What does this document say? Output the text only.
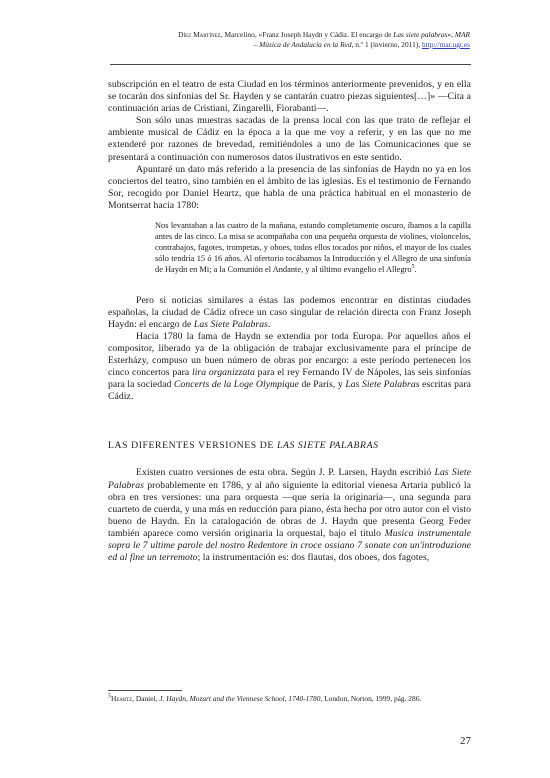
Díez Martínez, Marcelino, «Franz Joseph Haydn y Cádiz. El encargo de Las siete palabras», MAR
– Música de Andalucía en la Red, n.º 1 (invierno, 2011), http://mar.ugr.es

subscripción en el teatro de esta Ciudad en los términos anteriormente prevenidos, y en ella se tocarán dos sinfonías del Sr. Hayden y se cantarán cuatro piezas siguientes[…]» —Cita a continuación arias de Cristiani, Zingarelli, Fiorabanti—.

Son sólo unas muestras sacadas de la prensa local con las que trato de reflejar el ambiente musical de Cádiz en la época a la que me voy a referir, y en las que no me extenderé por razones de brevedad, remitiéndoles a uno de las Comunicaciones que se presentará a continuación con numerosos datos ilustrativos en este sentido.

Apuntaré un dato más referido a la presencia de las sinfonías de Haydn no ya en los conciertos del teatro, sino también en el ámbito de las iglesias. Es el testimonio de Fernando Sor, recogido por Daniel Heartz, que habla de una práctica habitual en el monasterio de Montserrat hacia 1780:

Nos levantaban a las cuatro de la mañana, estando completamente oscuro, íbamos a la capilla antes de las cinco. La misa se acompañaba con una pequeña orquesta de violines, violoncelos, contrabajos, fagotes, trompetas, y oboes, todos ellos tocados por niños, el mayor de los cuales sólo tendría 15 ó 16 años. Al ofertorio tocábamos la Introducción y el Allegro de una sinfonía de Haydn en Mi; a la Comunión el Andante, y al último evangelio el Allegro$^5$.

Pero si noticias similares a éstas las podemos encontrar en distintas ciudades españolas, la ciudad de Cádiz ofrece un caso singular de relación directa con Franz Joseph Haydn: el encargo de Las Siete Palabras.

Hacia 1780 la fama de Haydn se extendía por toda Europa. Por aquellos años el compositor, liberado ya de la obligación de trabajar exclusivamente para el príncipe de Esterházy, compuso un buen número de obras por encargo: a este período pertenecen los cinco concertos para lira organizzata para el rey Fernando IV de Nápoles, las seis sinfonías para la sociedad Concerts de la Loge Olympique de París, y Las Siete Palabras escritas para Cádiz.

LAS DIFERENTES VERSIONES DE LAS SIETE PALABRAS

Existen cuatro versiones de esta obra. Según J. P. Larsen, Haydn escribió Las Siete Palabras probablemente en 1786, y al año siguiente la editorial vienesa Artaria publicó la obra en tres versiones: una para orquesta —que sería la originaria—, una segunda para cuarteto de cuerda, y una más en reducción para piano, ésta hecha por otro autor con el visto bueno de Haydn. En la catalogación de obras de J. Haydn que presenta Georg Feder también aparece como versión originaria la orquestal, bajo el título Musica instrumentale sopra le 7 ultime parole del nostro Redentore in croce ossiano 7 sonate con un'introduzione ed al fine un terremoto; la instrumentación es: dos flautas, dos oboes, dos fagotes,

$^5$Heartz, Daniel, J. Haydn, Mozart and the Viennese School, 1740-1780, London, Norton, 1999, pág. 286.
27
